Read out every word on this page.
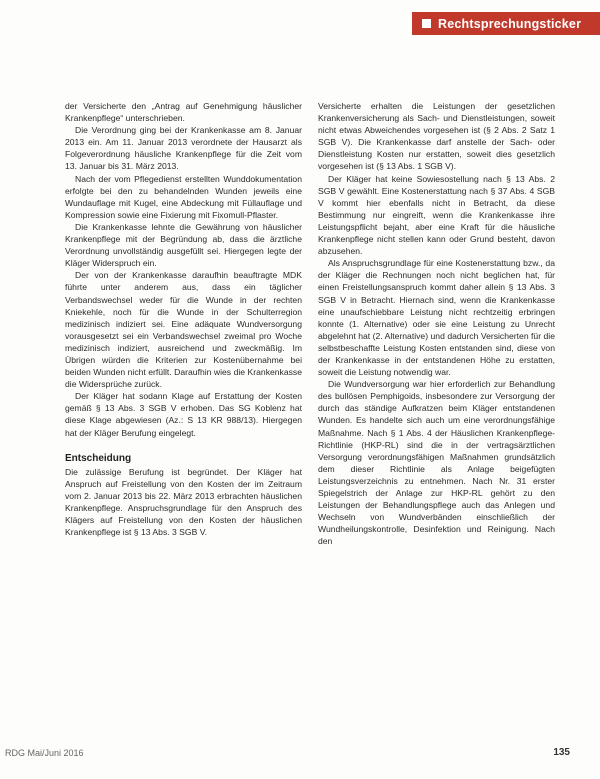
Rechtsprechungsticker

der Versicherte den „Antrag auf Genehmigung häuslicher Krankenpflege“ unterschrieben.

Die Verordnung ging bei der Krankenkasse am 8. Januar 2013 ein. Am 11. Januar 2013 verordnete der Hausarzt als Folgeverordnung häusliche Krankenpflege für die Zeit vom 13. Januar bis 31. März 2013.

Nach der vom Pflegedienst erstellten Wunddokumentation erfolgte bei den zu behandelnden Wunden jeweils eine Wundauflage mit Kugel, eine Abdeckung mit Füllauflage und Kompression sowie eine Fixierung mit Fixomull-Pflaster.

Die Krankenkasse lehnte die Gewährung von häuslicher Krankenpflege mit der Begründung ab, dass die ärztliche Verordnung unvollständig ausgefüllt sei. Hiergegen legte der Kläger Widerspruch ein.

Der von der Krankenkasse daraufhin beauftragte MDK führte unter anderem aus, dass ein täglicher Verbandswechsel weder für die Wunde in der rechten Kniekehle, noch für die Wunde in der Schulterregion medizinisch indiziert sei. Eine adäquate Wundversorgung vorausgesetzt sei ein Verbandswechsel zweimal pro Woche medizinisch indiziert, ausreichend und zweckmäßig. Im Übrigen würden die Kriterien zur Kostenübernahme bei beiden Wunden nicht erfüllt. Daraufhin wies die Krankenkasse die Widersprüche zurück.

Der Kläger hat sodann Klage auf Erstattung der Kosten gemäß § 13 Abs. 3 SGB V erhoben. Das SG Koblenz hat diese Klage abgewiesen (Az.: S 13 KR 988/13). Hiergegen hat der Kläger Berufung eingelegt.

Entscheidung

Die zulässige Berufung ist begründet. Der Kläger hat Anspruch auf Freistellung von den Kosten der im Zeitraum vom 2. Januar 2013 bis 22. März 2013 erbrachten häuslichen Krankenpflege. Anspruchsgrundlage für den Anspruch des Klägers auf Freistellung von den Kosten der häuslichen Krankenpflege ist § 13 Abs. 3 SGB V.

Versicherte erhalten die Leistungen der gesetzlichen Krankenversicherung als Sach- und Dienstleistungen, soweit nicht etwas Abweichendes vorgesehen ist (§ 2 Abs. 2 Satz 1 SGB V). Die Krankenkasse darf anstelle der Sach- oder Dienstleistung Kosten nur erstatten, soweit dies gesetzlich vorgesehen ist (§ 13 Abs. 1 SGB V).

Der Kläger hat keine Sowiesostellung nach § 13 Abs. 2 SGB V gewählt. Eine Kostenerstattung nach § 37 Abs. 4 SGB V kommt hier ebenfalls nicht in Betracht, da diese Bestimmung nur eingreift, wenn die Krankenkasse ihre Leistungspflicht bejaht, aber eine Kraft für die häusliche Krankenpflege nicht stellen kann oder Grund besteht, davon abzusehen.

Als Anspruchsgrundlage für eine Kostenerstattung bzw., da der Kläger die Rechnungen noch nicht beglichen hat, für einen Freistellungsanspruch kommt daher allein § 13 Abs. 3 SGB V in Betracht. Hiernach sind, wenn die Krankenkasse eine unaufschiebbare Leistung nicht rechtzeitig erbringen konnte (1. Alternative) oder sie eine Leistung zu Unrecht abgelehnt hat (2. Alternative) und dadurch Versicherten für die selbstbeschaffte Leistung Kosten entstanden sind, diese von der Krankenkasse in der entstandenen Höhe zu erstatten, soweit die Leistung notwendig war.

Die Wundversorgung war hier erforderlich zur Behandlung des bullösen Pemphigoids, insbesondere zur Versorgung der durch das ständige Aufkratzen beim Kläger entstandenen Wunden. Es handelte sich auch um eine verordnungsfähige Maßnahme. Nach § 1 Abs. 4 der Häuslichen Krankenpflege-Richtlinie (HKP-RL) sind die in der vertragsärztlichen Versorgung verordnungsfähigen Maßnahmen grundsätzlich dem dieser Richtlinie als Anlage beigefügten Leistungsverzeichnis zu entnehmen. Nach Nr. 31 erster Spiegelstrich der Anlage zur HKP-RL gehört zu den Leistungen der Behandlungspflege auch das Anlegen und Wechseln von Wundverbänden einschließlich der Wundheilungskontrolle, Desinfektion und Reinigung. Nach den

RDG Mai/Juni 2016	135
